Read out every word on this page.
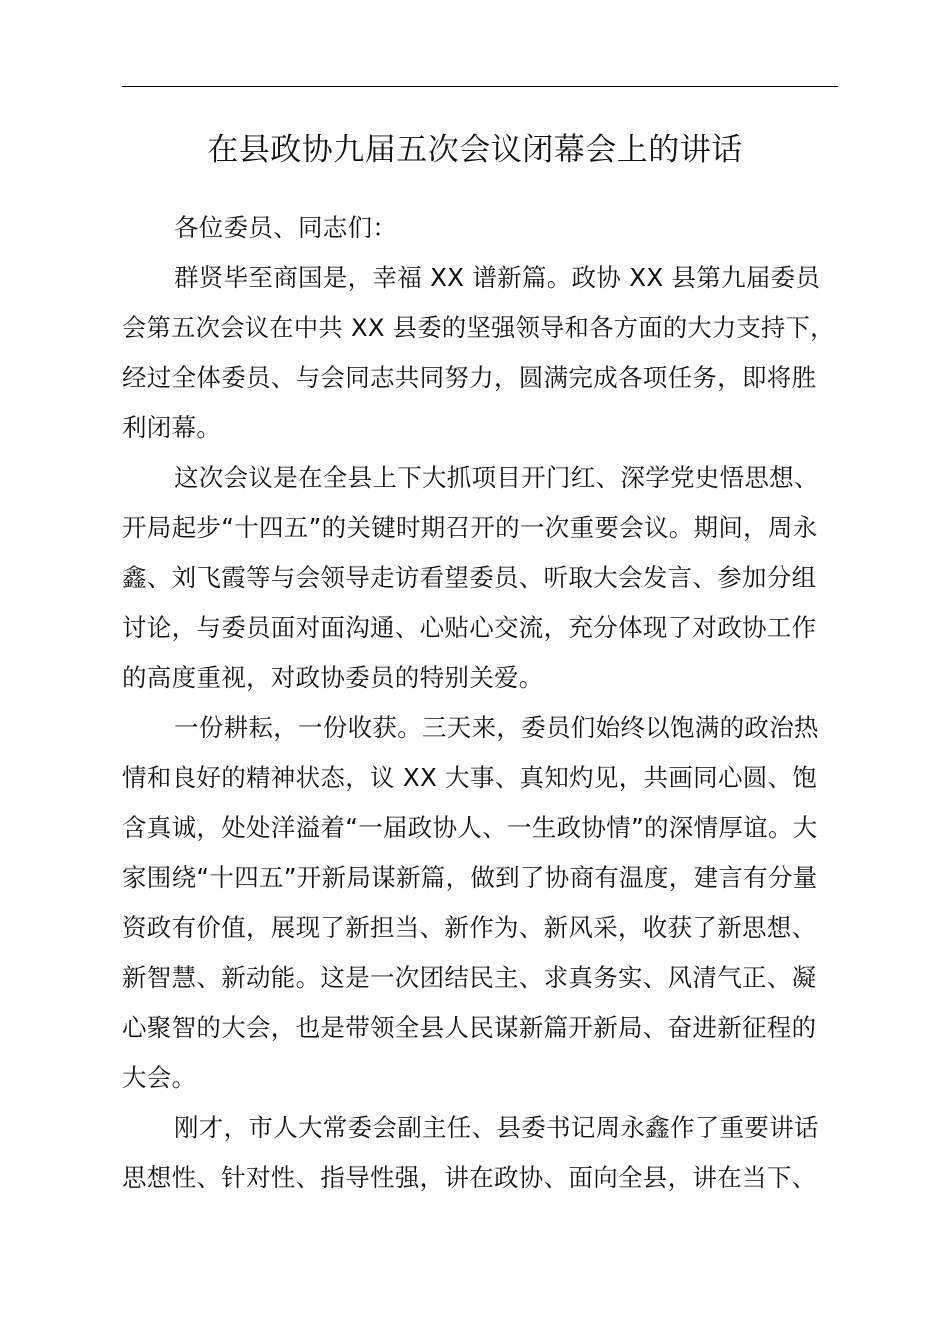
在县政协九届五次会议闭幕会上的讲话
各位委员、同志们：
群贤毕至商国是，幸福 XX 谱新篇。政协 XX 县第九届委员
会第五次会议在中共 XX 县委的坚强领导和各方面的大力支持下，
经过全体委员、与会同志共同努力，圆满完成各项任务，即将胜
利闭幕。
这次会议是在全县上下大抓项目开门红、深学党史悟思想、
开局起步“十四五”的关键时期召开的一次重要会议。期间，周永
鑫、刘飞霞等与会领导走访看望委员、听取大会发言、参加分组
讨论，与委员面对面沟通、心贴心交流，充分体现了对政协工作
的高度重视，对政协委员的特别关爱。
一份耕耘，一份收获。三天来，委员们始终以饱满的政治热
情和良好的精神状态，议 XX 大事、真知灼见，共画同心圆、饱
含真诚，处处洋溢着“一届政协人、一生政协情”的深情厚谊。大
家围绕“十四五”开新局谋新篇，做到了协商有温度，建言有分量
资政有价值，展现了新担当、新作为、新风采，收获了新思想、
新智慧、新动能。这是一次团结民主、求真务实、风清气正、凝
心聚智的大会，也是带领全县人民谋新篇开新局、奋进新征程的
大会。
刚才，市人大常委会副主任、县委书记周永鑫作了重要讲话
思想性、针对性、指导性强，讲在政协、面向全县，讲在当下、
